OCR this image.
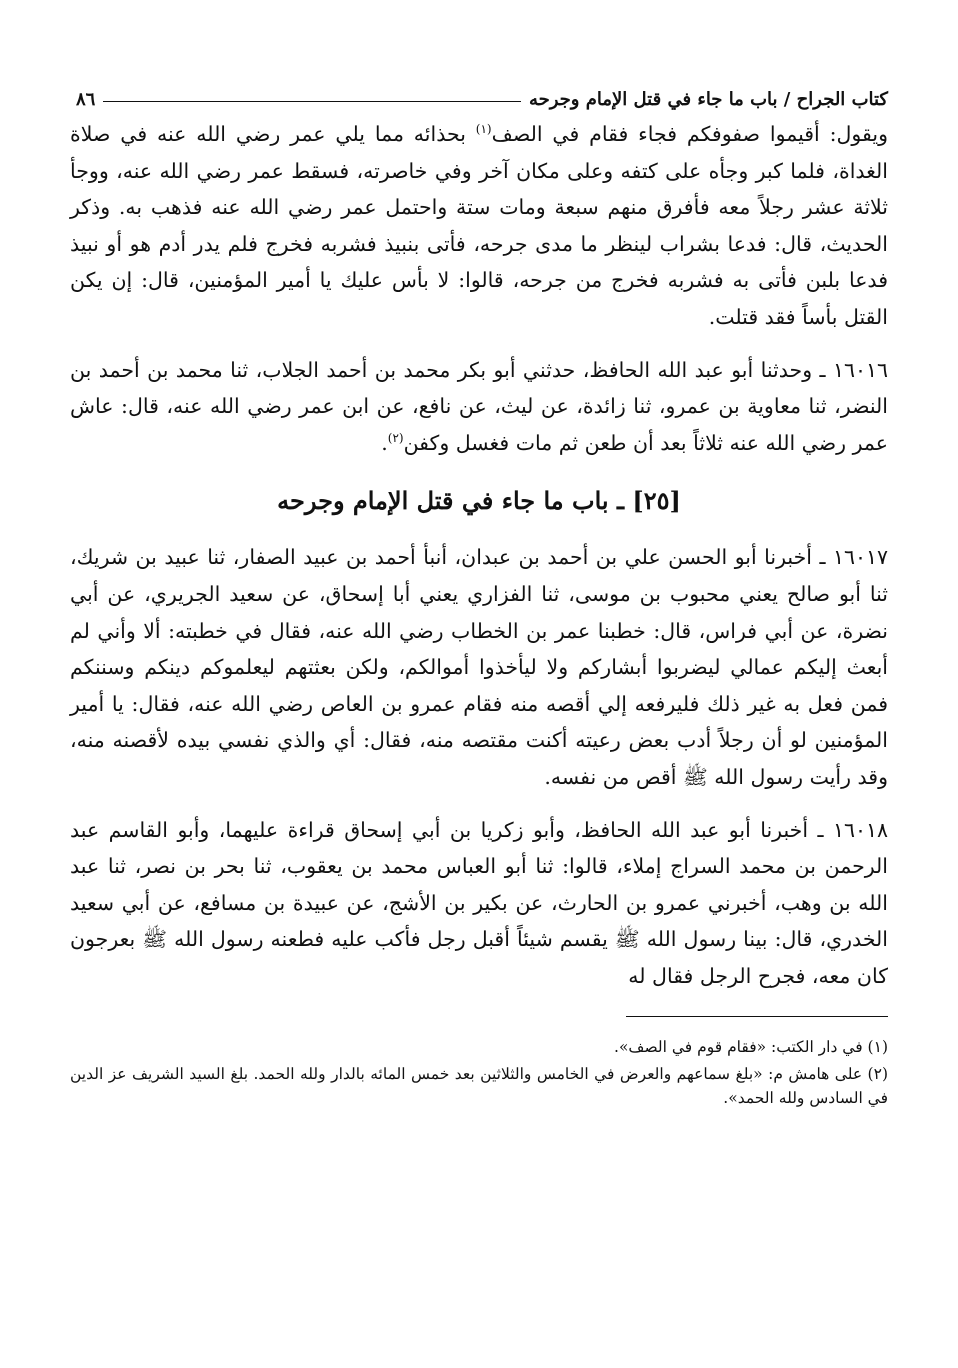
كتاب الجراح / باب ما جاء في قتل الإمام وجرحه
٨٦

ويقول: أقيموا صفوفكم فجاء فقام في الصف$^{(١)}$ بحذائه مما يلي عمر رضي الله عنه في صلاة الغداة، فلما كبر وجأه على كتفه وعلى مكان آخر وفي خاصرته، فسقط عمر رضي الله عنه، ووجأ ثلاثة عشر رجلاً معه فأفرق منهم سبعة ومات ستة واحتمل عمر رضي الله عنه فذهب به. وذكر الحديث، قال: فدعا بشراب لينظر ما مدى جرحه، فأتى بنبيذ فشربه فخرج فلم يدر أدم هو أو نبيذ فدعا بلبن فأتى به فشربه فخرج من جرحه، قالوا: لا بأس عليك يا أمير المؤمنين، قال: إن يكن القتل بأساً فقد قتلت.

١٦٠١٦ ـ وحدثنا أبو عبد الله الحافظ، حدثني أبو بكر محمد بن أحمد الجلاب، ثنا محمد بن أحمد بن النضر، ثنا معاوية بن عمرو، ثنا زائدة، عن ليث، عن نافع، عن ابن عمر رضي الله عنه، قال: عاش عمر رضي الله عنه ثلاثاً بعد أن طعن ثم مات فغسل وكفن$^{(٢)}$.

[٢٥] ـ باب ما جاء في قتل الإمام وجرحه

١٦٠١٧ ـ أخبرنا أبو الحسن علي بن أحمد بن عبدان، أنبأ أحمد بن عبيد الصفار، ثنا عبيد بن شريك، ثنا أبو صالح يعني محبوب بن موسى، ثنا الفزاري يعني أبا إسحاق، عن سعيد الجريري، عن أبي نضرة، عن أبي فراس، قال: خطبنا عمر بن الخطاب رضي الله عنه، فقال في خطبته: ألا وأني لم أبعث إليكم عمالي ليضربوا أبشاركم ولا ليأخذوا أموالكم، ولكن بعثتهم ليعلموكم دينكم وسننكم فمن فعل به غير ذلك فليرفعه إلي أقصه منه فقام عمرو بن العاص رضي الله عنه، فقال: يا أمير المؤمنين لو أن رجلاً أدب بعض رعيته أكنت مقتصه منه، فقال: أي والذي نفسي بيده لأقصنه منه، وقد رأيت رسول الله ﷺ أقص من نفسه.

١٦٠١٨ ـ أخبرنا أبو عبد الله الحافظ، وأبو زكريا بن أبي إسحاق قراءة عليهما، وأبو القاسم عبد الرحمن بن محمد السراج إملاء، قالوا: ثنا أبو العباس محمد بن يعقوب، ثنا بحر بن نصر، ثنا عبد الله بن وهب، أخبرني عمرو بن الحارث، عن بكير بن الأشج، عن عبيدة بن مسافع، عن أبي سعيد الخدري، قال: بينا رسول الله ﷺ يقسم شيئاً أقبل رجل فأكب عليه فطعنه رسول الله ﷺ بعرجون كان معه، فجرح الرجل فقال له

(١) في دار الكتب: «فقام قوم في الصف».

(٢) على هامش م: «بلغ سماعهم والعرض في الخامس والثلاثين بعد خمس المائه بالدار ولله الحمد. بلغ السيد الشريف عز الدين في السادس ولله الحمد».
